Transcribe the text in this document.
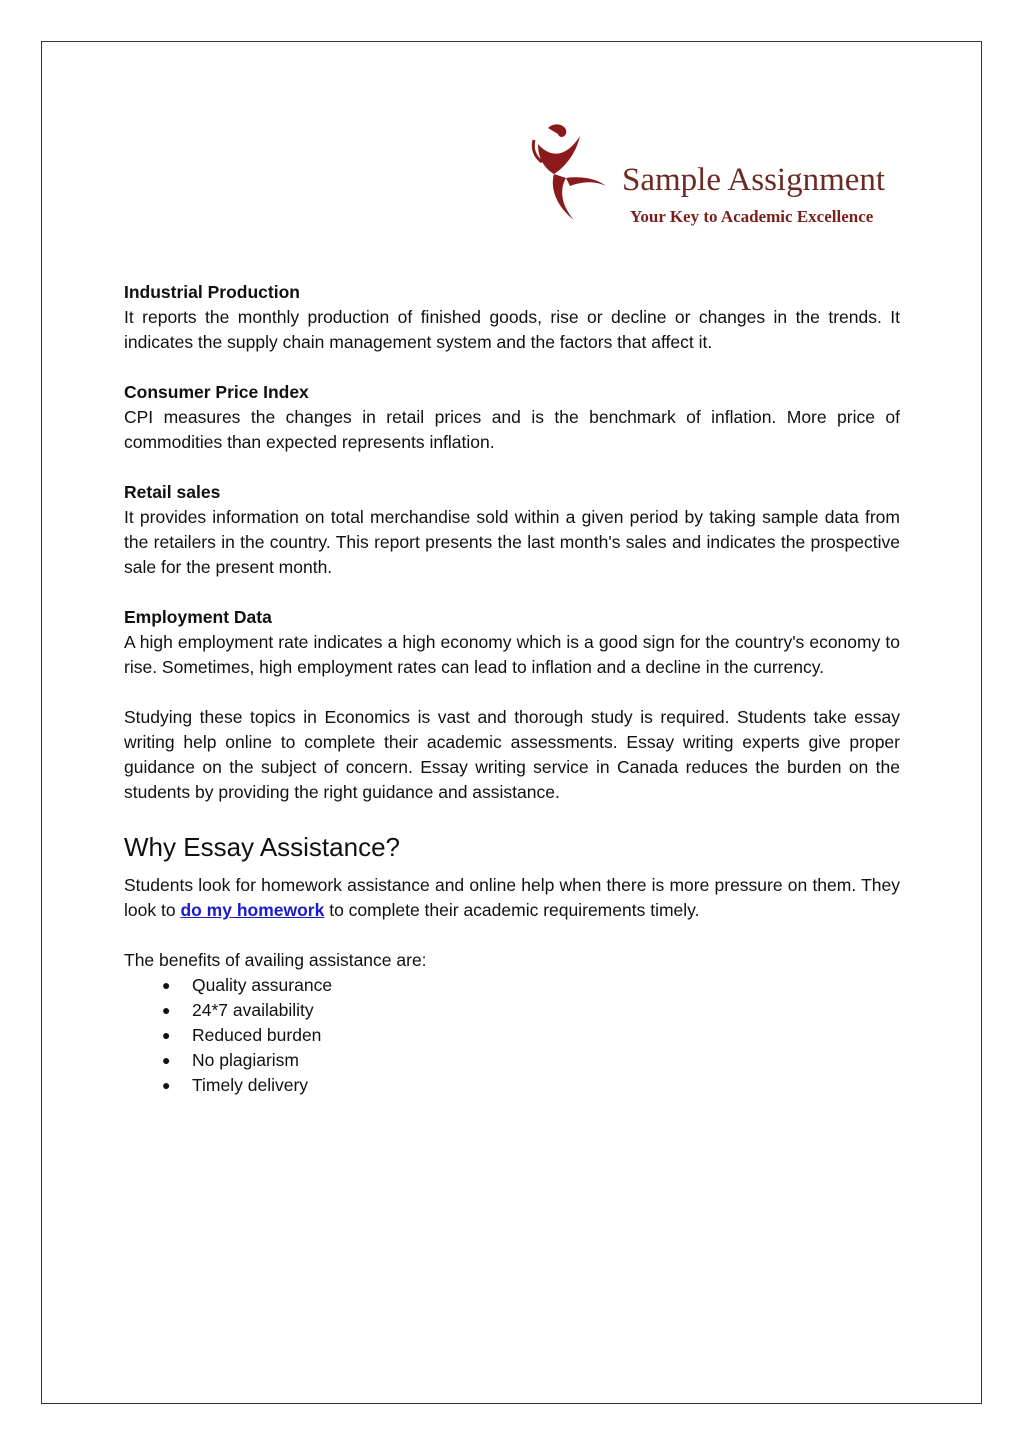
Sample Assignment
Your Key to Academic Excellence

Industrial Production

It reports the monthly production of finished goods, rise or decline or changes in the trends. It indicates the supply chain management system and the factors that affect it.

Consumer Price Index

CPI measures the changes in retail prices and is the benchmark of inflation. More price of commodities than expected represents inflation.

Retail sales

It provides information on total merchandise sold within a given period by taking sample data from the retailers in the country. This report presents the last month's sales and indicates the prospective sale for the present month.

Employment Data

A high employment rate indicates a high economy which is a good sign for the country's economy to rise. Sometimes, high employment rates can lead to inflation and a decline in the currency.

Studying these topics in Economics is vast and thorough study is required. Students take essay writing help online to complete their academic assessments. Essay writing experts give proper guidance on the subject of concern. Essay writing service in Canada reduces the burden on the students by providing the right guidance and assistance.

Why Essay Assistance?

Students look for homework assistance and online help when there is more pressure on them. They look to do my homework to complete their academic requirements timely.

The benefits of availing assistance are:

● Quality assurance
● 24*7 availability
● Reduced burden
● No plagiarism
● Timely delivery
